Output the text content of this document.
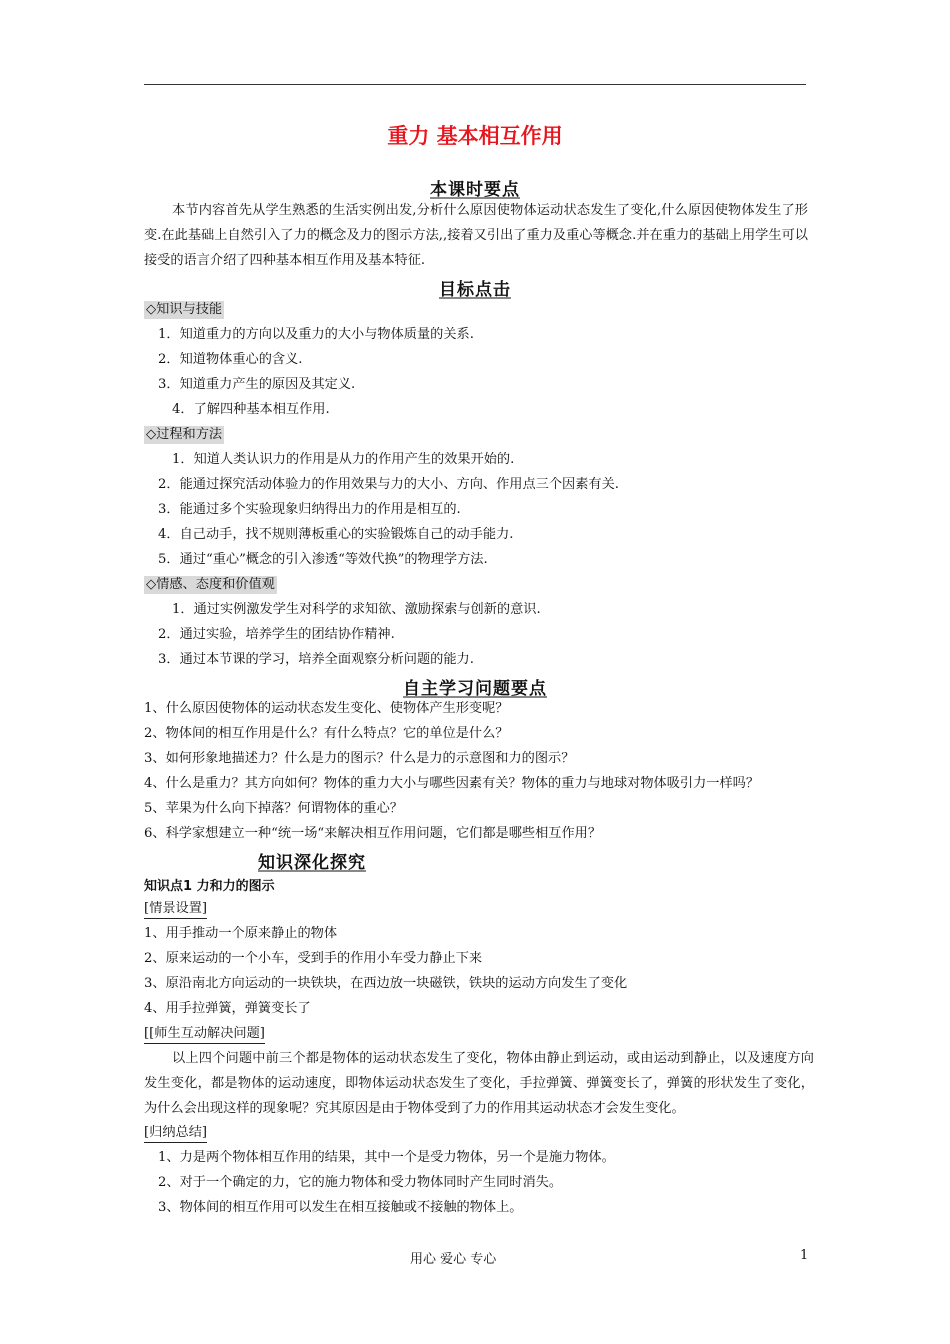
重力 基本相互作用
本课时要点
本节内容首先从学生熟悉的生活实例出发,分析什么原因使物体运动状态发生了变化,什么原因使物体发生了形变.在此基础上自然引入了力的概念及力的图示方法,,接着又引出了重力及重心等概念.并在重力的基础上用学生可以接受的语言介绍了四种基本相互作用及基本特征.
目标点击
◇知识与技能
1．知道重力的方向以及重力的大小与物体质量的关系.
2．知道物体重心的含义.
3．知道重力产生的原因及其定义.
4．了解四种基本相互作用.
◇过程和方法
1．知道人类认识力的作用是从力的作用产生的效果开始的.
2．能通过探究活动体验力的作用效果与力的大小、方向、作用点三个因素有关.
3．能通过多个实验现象归纳得出力的作用是相互的.
4．自己动手，找不规则薄板重心的实验锻炼自己的动手能力.
5．通过“重心”概念的引入渗透“等效代换”的物理学方法.
◇情感、态度和价值观
1．通过实例激发学生对科学的求知欲、激励探索与创新的意识.
2．通过实验，培养学生的团结协作精神.
3．通过本节课的学习，培养全面观察分析问题的能力.
自主学习问题要点
1、什么原因使物体的运动状态发生变化、使物体产生形变呢？
2、物体间的相互作用是什么？有什么特点？它的单位是什么？
3、如何形象地描述力？什么是力的图示？什么是力的示意图和力的图示？
4、什么是重力？其方向如何？物体的重力大小与哪些因素有关？物体的重力与地球对物体吸引力一样吗？
5、苹果为什么向下掉落？何谓物体的重心？
6、科学家想建立一种“统一场“来解决相互作用问题，它们都是哪些相互作用？
知识深化探究
知识点1 力和力的图示
[情景设置]
1、用手推动一个原来静止的物体
2、原来运动的一个小车，受到手的作用小车受力静止下来
3、原沿南北方向运动的一块铁块，在西边放一块磁铁，铁块的运动方向发生了变化
4、用手拉弹簧，弹簧变长了
[[师生互动解决问题]
以上四个问题中前三个都是物体的运动状态发生了变化，物体由静止到运动，或由运动到静止，以及速度方向发生变化，都是物体的运动速度，即物体运动状态发生了变化，手拉弹簧、弹簧变长了，弹簧的形状发生了变化，为什么会出现这样的现象呢？究其原因是由于物体受到了力的作用其运动状态才会发生变化。
[归纳总结]
1、力是两个物体相互作用的结果，其中一个是受力物体，另一个是施力物体。
2、对于一个确定的力，它的施力物体和受力物体同时产生同时消失。
3、物体间的相互作用可以发生在相互接触或不接触的物体上。
用心 爱心 专心	1
